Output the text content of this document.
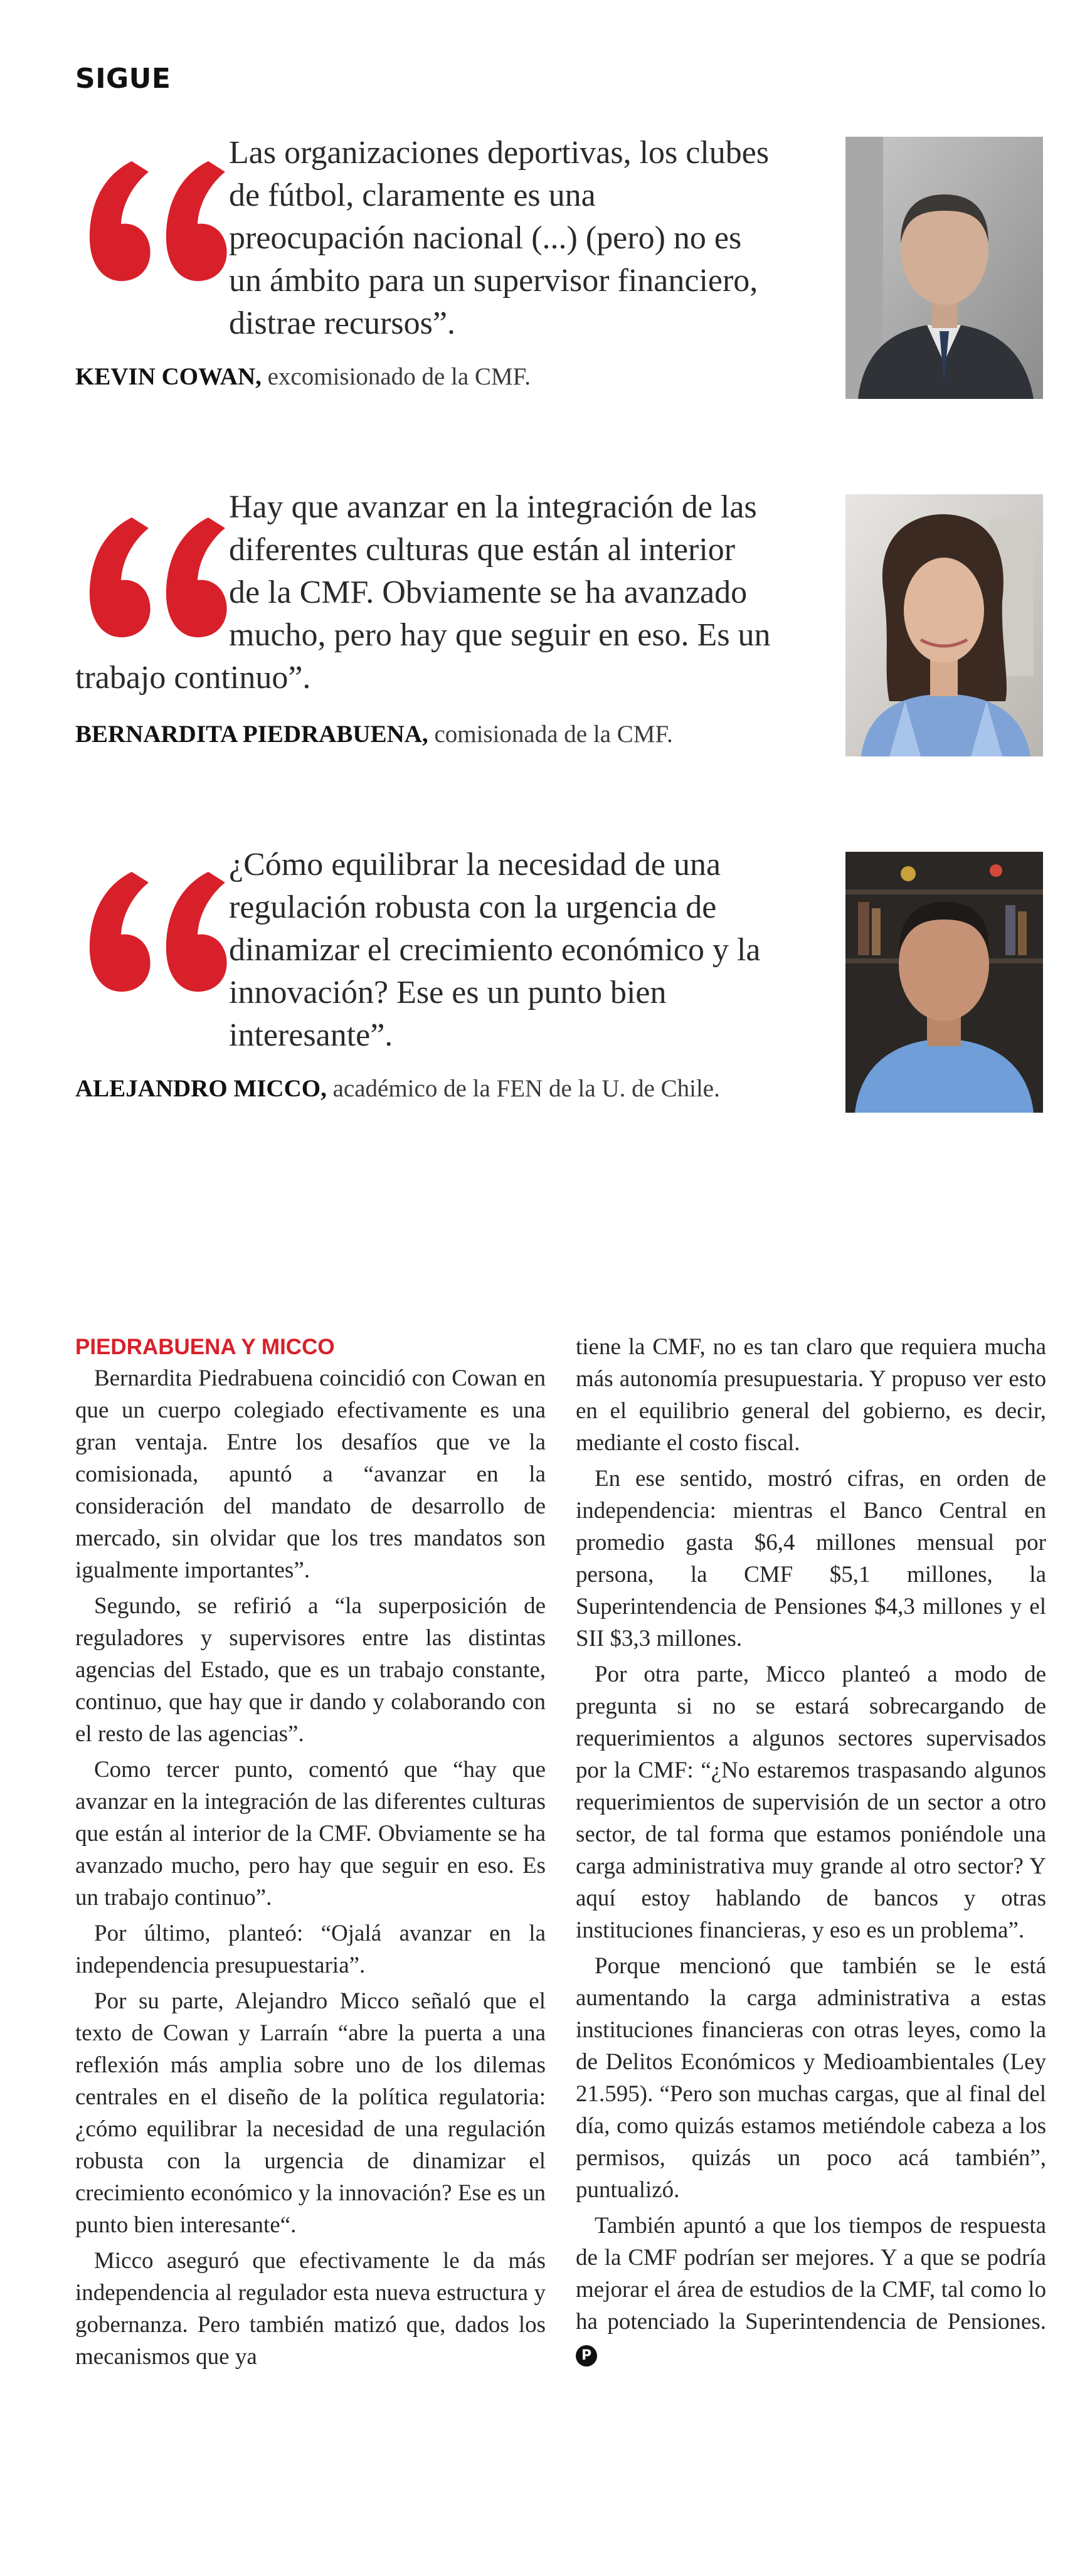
SIGUE

Las organizaciones deportivas, los clubes de fútbol, claramente es una preocupación nacional (...) (pero) no es un ámbito para un supervisor financiero, distrae recursos”.

KEVIN COWAN, excomisionado de la CMF.

Hay que avanzar en la integración de las diferentes culturas que están al interior de la CMF. Obviamente se ha avanzado mucho, pero hay que seguir en eso. Es un trabajo continuo”.

BERNARDITA PIEDRABUENA, comisionada de la CMF.

¿Cómo equilibrar la necesidad de una regulación robusta con la urgencia de dinamizar el crecimiento económico y la innovación? Ese es un punto bien interesante”.

ALEJANDRO MICCO, académico de la FEN de la U. de Chile.

PIEDRABUENA Y MICCO

Bernardita Piedrabuena coincidió con Cowan en que un cuerpo colegiado efectivamente es una gran ventaja. Entre los desafíos que ve la comisionada, apuntó a “avanzar en la consideración del mandato de desarrollo de mercado, sin olvidar que los tres mandatos son igualmente importantes”.

Segundo, se refirió a “la superposición de reguladores y supervisores entre las distintas agencias del Estado, que es un trabajo constante, continuo, que hay que ir dando y colaborando con el resto de las agencias”.

Como tercer punto, comentó que “hay que avanzar en la integración de las diferentes culturas que están al interior de la CMF. Obviamente se ha avanzado mucho, pero hay que seguir en eso. Es un trabajo continuo”.

Por último, planteó: “Ojalá avanzar en la independencia presupuestaria”.

Por su parte, Alejandro Micco señaló que el texto de Cowan y Larraín “abre la puerta a una reflexión más amplia sobre uno de los dilemas centrales en el diseño de la política regulatoria: ¿cómo equilibrar la necesidad de una regulación robusta con la urgencia de dinamizar el crecimiento económico y la innovación? Ese es un punto bien interesante“.

Micco aseguró que efectivamente le da más independencia al regulador esta nueva estructura y gobernanza. Pero también matizó que, dados los mecanismos que ya

tiene la CMF, no es tan claro que requiera mucha más autonomía presupuestaria. Y propuso ver esto en el equilibrio general del gobierno, es decir, mediante el costo fiscal.

En ese sentido, mostró cifras, en orden de independencia: mientras el Banco Central en promedio gasta $6,4 millones mensual por persona, la CMF $5,1 millones, la Superintendencia de Pensiones $4,3 millones y el SII $3,3 millones.

Por otra parte, Micco planteó a modo de pregunta si no se estará sobrecargando de requerimientos a algunos sectores supervisados por la CMF: “¿No estaremos traspasando algunos requerimientos de supervisión de un sector a otro sector, de tal forma que estamos poniéndole una carga administrativa muy grande al otro sector? Y aquí estoy hablando de bancos y otras instituciones financieras, y eso es un problema”.

Porque mencionó que también se le está aumentando la carga administrativa a estas instituciones financieras con otras leyes, como la de Delitos Económicos y Medioambientales (Ley 21.595). “Pero son muchas cargas, que al final del día, como quizás estamos metiéndole cabeza a los permisos, quizás un poco acá también”, puntualizó.

También apuntó a que los tiempos de respuesta de la CMF podrían ser mejores. Y a que se podría mejorar el área de estudios de la CMF, tal como lo ha potenciado la Superintendencia de Pensiones. P
